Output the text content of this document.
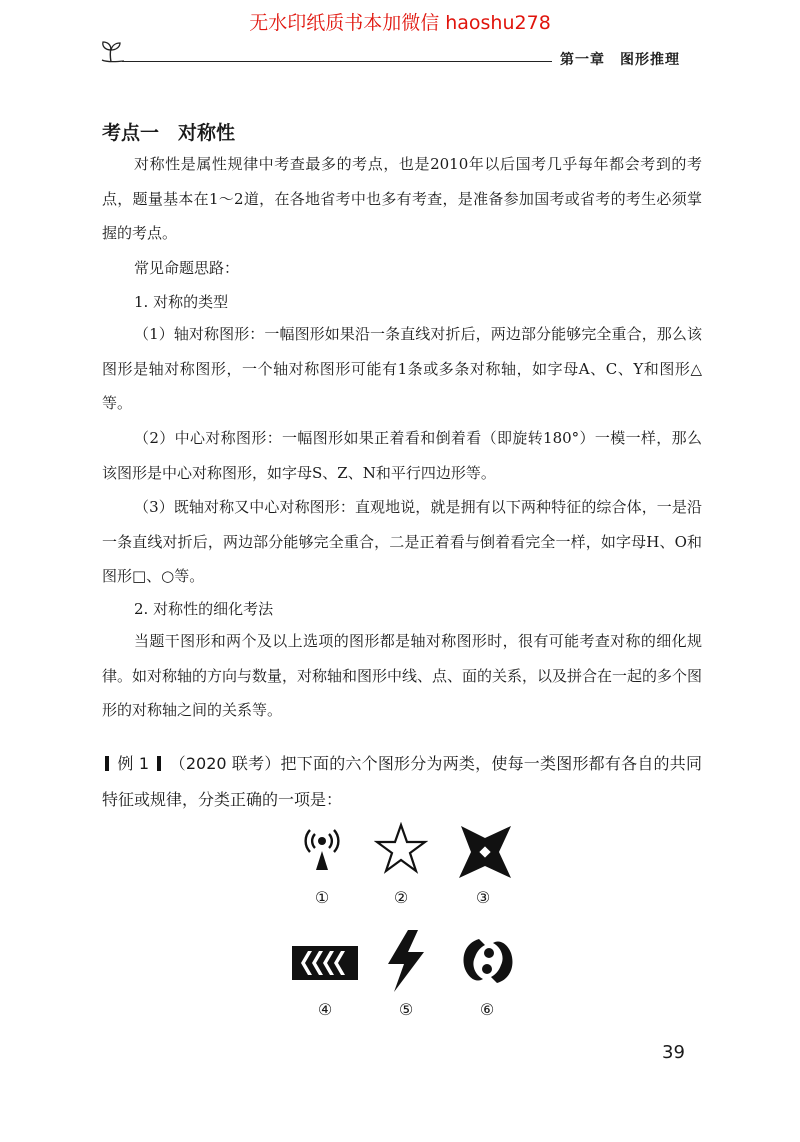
无水印纸质书本加微信 haoshu278
第一章　图形推理
考点一　对称性

对称性是属性规律中考查最多的考点，也是2010年以后国考几乎每年都会考到的考点，题量基本在1～2道，在各地省考中也多有考查，是准备参加国考或省考的考生必须掌握的考点。

常见命题思路：

1. 对称的类型

（1）轴对称图形：一幅图形如果沿一条直线对折后，两边部分能够完全重合，那么该图形是轴对称图形，一个轴对称图形可能有1条或多条对称轴，如字母A、C、Y和图形△等。

（2）中心对称图形：一幅图形如果正着看和倒着看（即旋转180°）一模一样，那么该图形是中心对称图形，如字母S、Z、N和平行四边形等。

（3）既轴对称又中心对称图形：直观地说，就是拥有以下两种特征的综合体，一是沿一条直线对折后，两边部分能够完全重合，二是正着看与倒着看完全一样，如字母H、O和图形□、○等。

2. 对称性的细化考法

当题干图形和两个及以上选项的图形都是轴对称图形时，很有可能考查对称的细化规律。如对称轴的方向与数量，对称轴和图形中线、点、面的关系，以及拼合在一起的多个图形的对称轴之间的关系等。

例 1 （2020 联考）把下面的六个图形分为两类，使每一类图形都有各自的共同特征或规律，分类正确的一项是：

①	②	③
④	⑤	⑥
39
